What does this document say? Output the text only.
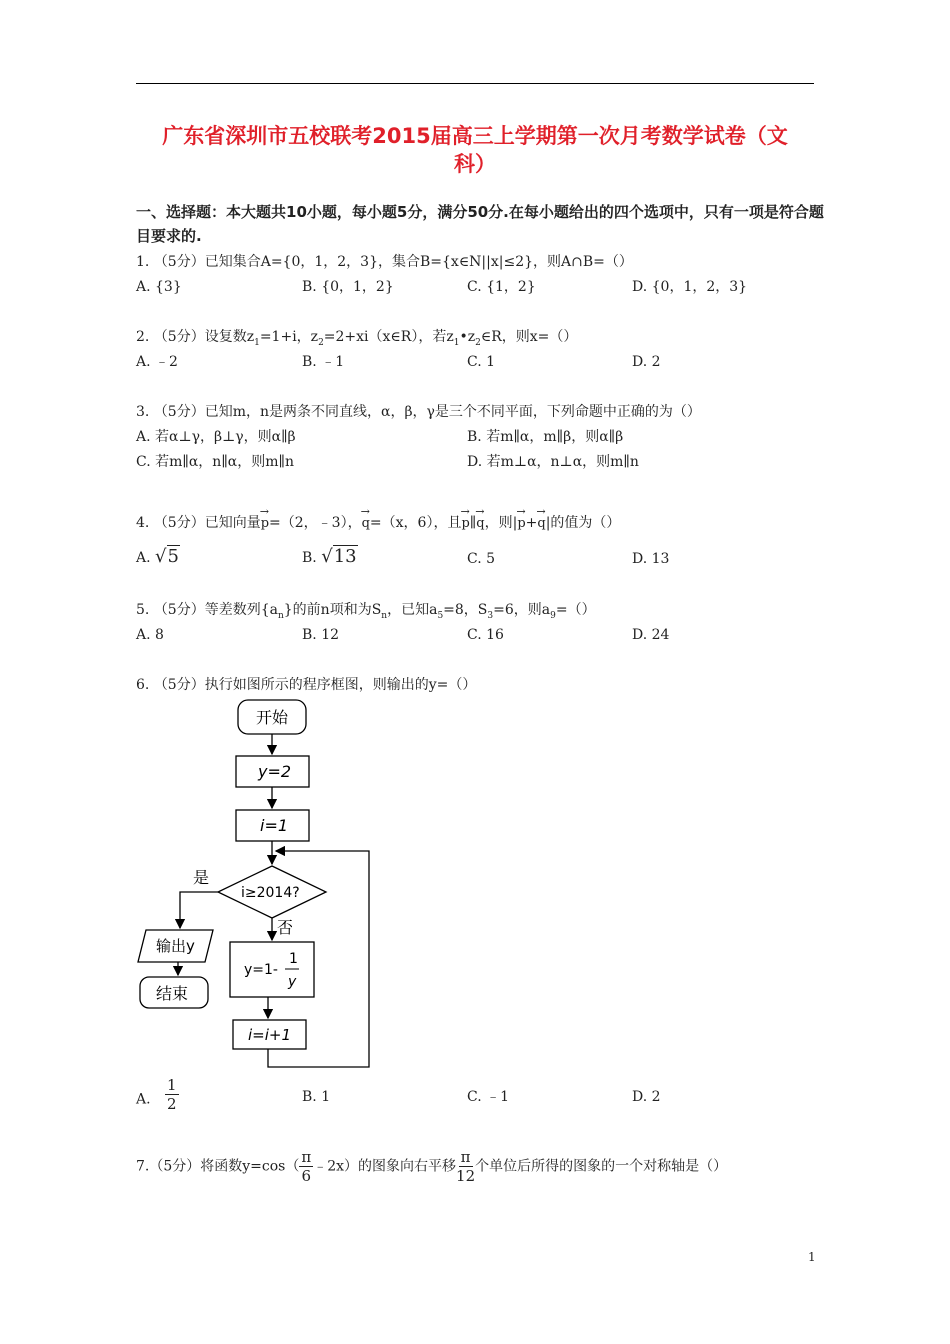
广东省深圳市五校联考2015届高三上学期第一次月考数学试卷（文
科）
一、选择题：本大题共10小题，每小题5分，满分50分.在每小题给出的四个选项中，只有一项是符合题目要求的.
1. （5分）已知集合A={0，1，2，3}，集合B={x∈N||x|≤2}，则A∩B=（）
A. {3}	B. {0，1，2}	C. {1，2}	D. {0，1，2，3}
2. （5分）设复数$z_1=1+i$，$z_2=2+xi(x\in R)$，若$z_1•z_2\in R$，则x=（）
A. ﹣2	B. ﹣1	C. 1	D. 2
3. （5分）已知m，n是两条不同直线，α，β，γ是三个不同平面，下列命题中正确的为（）
A. 若α⊥γ，β⊥γ，则α∥β	B. 若m∥α，m∥β，则α∥β
C. 若m∥α，n∥α，则m∥n	D. 若m⊥α，n⊥α，则m∥n
4. （5分）已知向量→ p=（2，﹣3），→ q=（x，6），且→ p∥→ q，则|→ p+→ q|的值为（）
A. √5	B. √13	C. 5	D. 13
5. （5分）等差数列$\{a_n\}$的前n项和为$S_n$，已知$a_5=8$，$S_3=6$，则$a_9=()$
A. 8	B. 12	C. 16	D. 24
6. （5分）执行如图所示的程序框图，则输出的y=（）
开始
y=2
i=1
i≥2014?
是
否
输出y
结束
y=1-
1
y
i=i+1
A. $\frac{1}{2}$	B. 1	C. ﹣1	D. 2
7.（5分）将函数$y=\cos( \frac{\pi}{6}$ ﹣2x）的图象向右平移 $\frac{\pi}{12}$ 个单位后所得的图象的一个对称轴是（）
1
